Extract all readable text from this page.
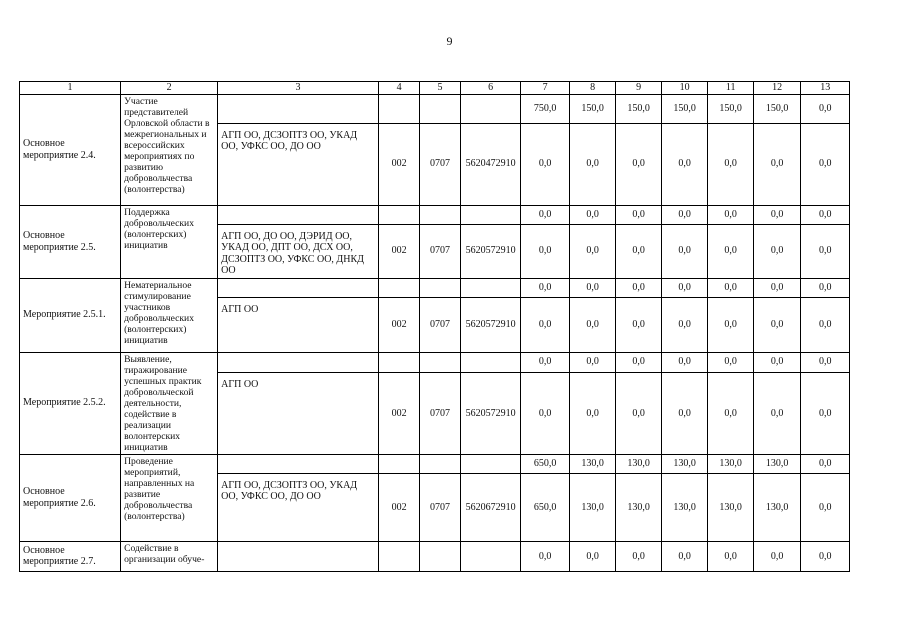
9
1	2	3	4	5	6	7	8	9	10	11	12	13
Основное мероприятие 2.4.	Участие представителей Орловской области в межрегиональных и всероссийских мероприятиях по развитию добровольчества (волонтерства)					750,0	150,0	150,0	150,0	150,0	150,0	0,0
		АГП ОО, ДСЗОПТЗ ОО, УКАД ОО, УФКС ОО, ДО ОО	002	0707	5620472910	0,0	0,0	0,0	0,0	0,0	0,0	0,0
Основное мероприятие 2.5.	Поддержка добровольческих (волонтерских) инициатив					0,0	0,0	0,0	0,0	0,0	0,0	0,0
		АГП ОО, ДО ОО, ДЭРИД ОО, УКАД ОО, ДПТ ОО, ДСХ ОО, ДСЗОПТЗ ОО, УФКС ОО, ДНКД ОО	002	0707	5620572910	0,0	0,0	0,0	0,0	0,0	0,0	0,0
Мероприятие 2.5.1.	Нематериальное стимулирование участников добровольческих (волонтерских) инициатив					0,0	0,0	0,0	0,0	0,0	0,0	0,0
		АГП ОО	002	0707	5620572910	0,0	0,0	0,0	0,0	0,0	0,0	0,0
Мероприятие 2.5.2.	Выявление, тиражирование успешных практик добровольческой деятельности, содействие в реализации волонтерских инициатив					0,0	0,0	0,0	0,0	0,0	0,0	0,0
		АГП ОО	002	0707	5620572910	0,0	0,0	0,0	0,0	0,0	0,0	0,0
Основное мероприятие 2.6.	Проведение мероприятий, направленных на развитие добровольчества (волонтерства)					650,0	130,0	130,0	130,0	130,0	130,0	0,0
		АГП ОО, ДСЗОПТЗ ОО, УКАД ОО, УФКС ОО, ДО ОО	002	0707	5620672910	650,0	130,0	130,0	130,0	130,0	130,0	0,0
Основное мероприятие 2.7.	Содействие в организации обуче-					0,0	0,0	0,0	0,0	0,0	0,0	0,0
